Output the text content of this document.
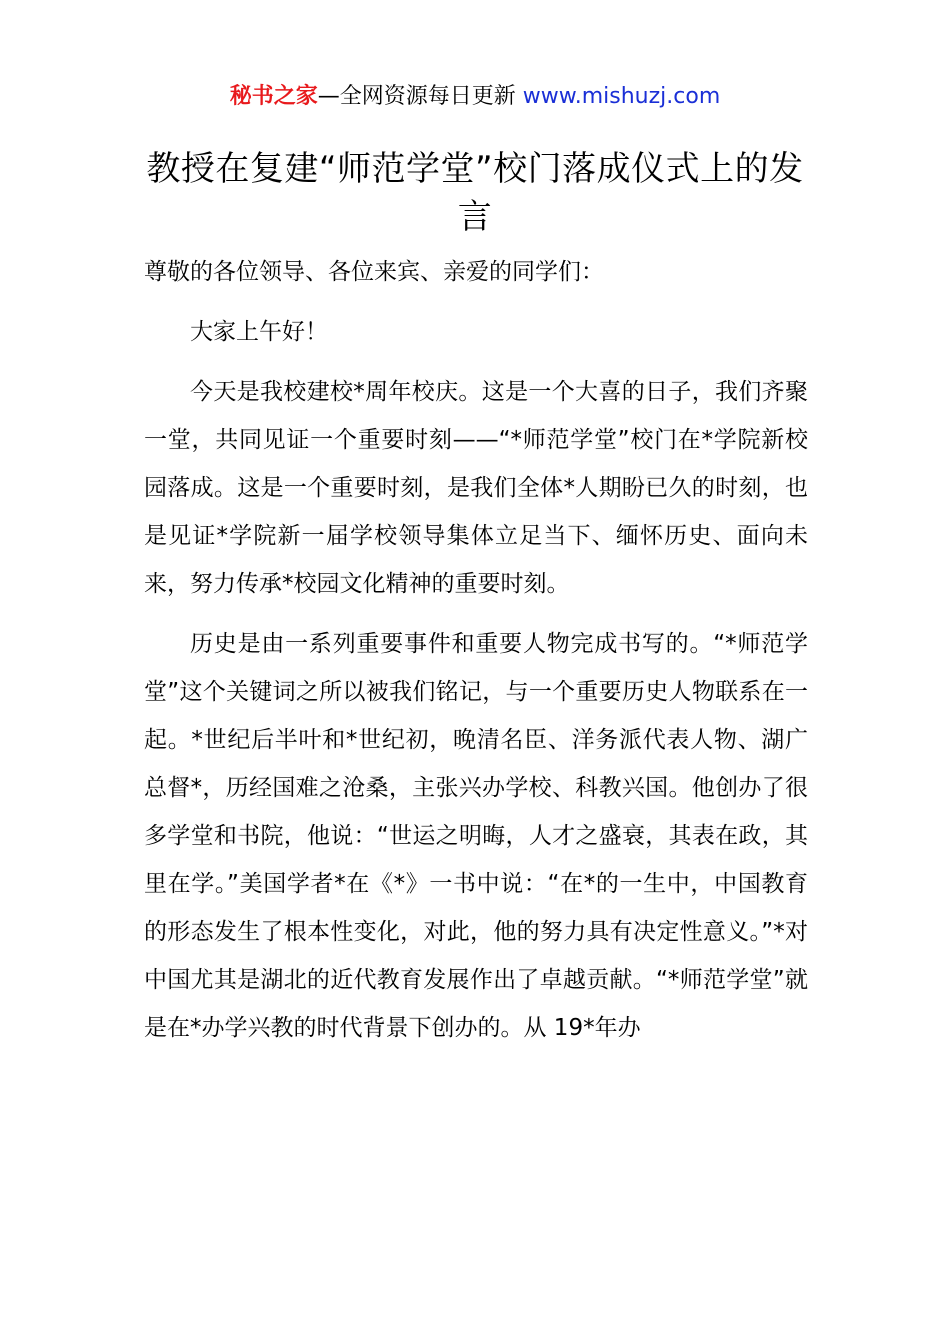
秘书之家—全网资源每日更新 www.mishuzj.com
教授在复建“师范学堂”校门落成仪式上的发言

尊敬的各位领导、各位来宾、亲爱的同学们：

大家上午好！

今天是我校建校*周年校庆。这是一个大喜的日子，我们齐聚一堂，共同见证一个重要时刻——“*师范学堂”校门在*学院新校园落成。这是一个重要时刻，是我们全体*人期盼已久的时刻，也是见证*学院新一届学校领导集体立足当下、缅怀历史、面向未来，努力传承*校园文化精神的重要时刻。

历史是由一系列重要事件和重要人物完成书写的。“*师范学堂”这个关键词之所以被我们铭记，与一个重要历史人物联系在一起。*世纪后半叶和*世纪初，晚清名臣、洋务派代表人物、湖广总督*，历经国难之沧桑，主张兴办学校、科教兴国。他创办了很多学堂和书院，他说：“世运之明晦，人才之盛衰，其表在政，其里在学。”美国学者*在《*》一书中说：“在*的一生中，中国教育的形态发生了根本性变化，对此，他的努力具有决定性意义。”*对中国尤其是湖北的近代教育发展作出了卓越贡献。“*师范学堂”就是在*办学兴教的时代背景下创办的。从 19*年办
